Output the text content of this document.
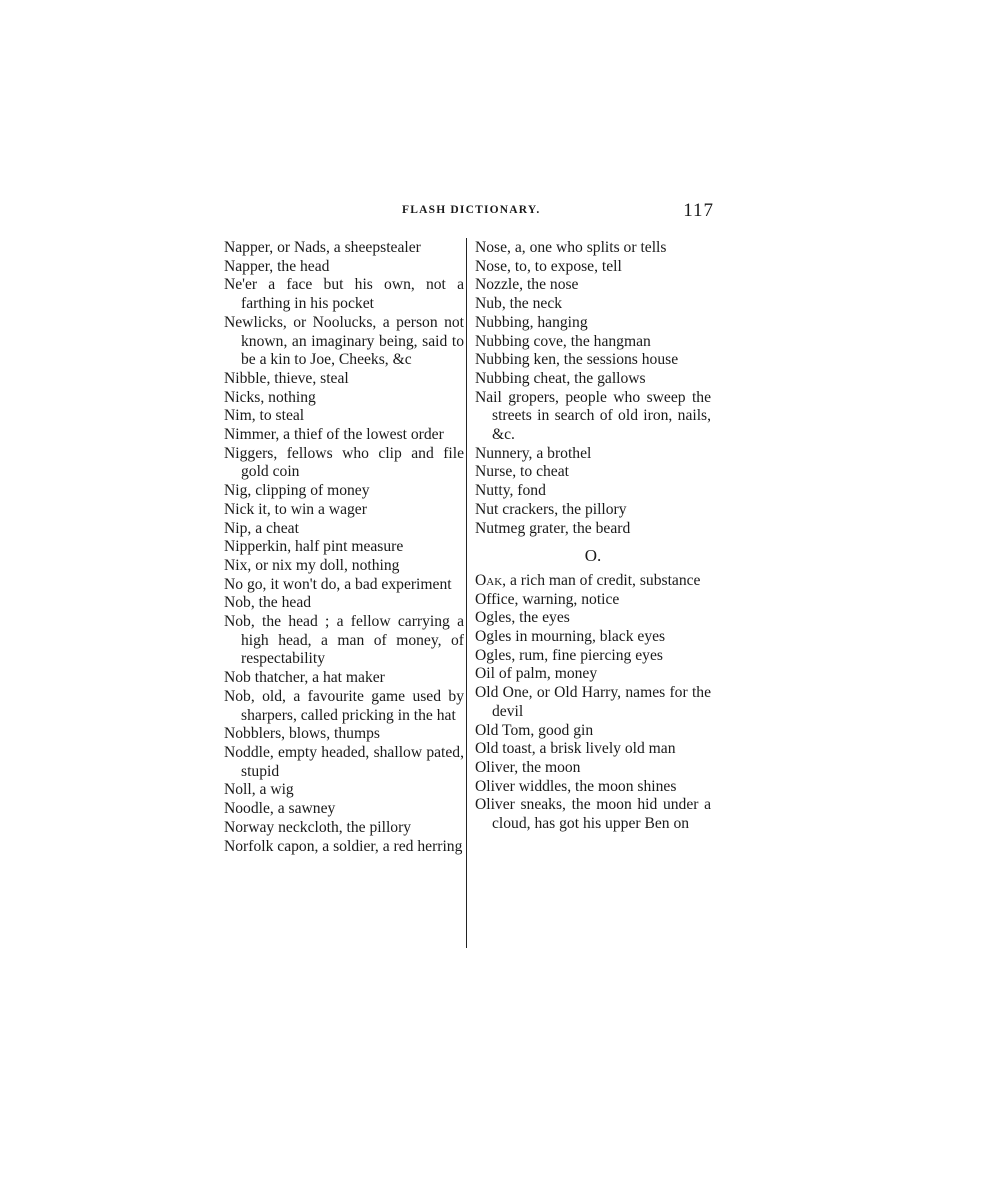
FLASH DICTIONARY.	117
Napper, or Nads, a sheepstealer
Napper, the head
Ne'er a face but his own, not a farthing in his pocket
Newlicks, or Noolucks, a person not known, an imaginary being, said to be a kin to Joe, Cheeks, &c
Nibble, thieve, steal
Nicks, nothing
Nim, to steal
Nimmer, a thief of the lowest order
Niggers, fellows who clip and file gold coin
Nig, clipping of money
Nick it, to win a wager
Nip, a cheat
Nipperkin, half pint measure
Nix, or nix my doll, nothing
No go, it won't do, a bad experiment
Nob, the head
Nob, the head ; a fellow carrying a high head, a man of money, of respectability
Nob thatcher, a hat maker
Nob, old, a favourite game used by sharpers, called pricking in the hat
Nobblers, blows, thumps
Noddle, empty headed, shallow pated, stupid
Noll, a wig
Noodle, a sawney
Norway neckcloth, the pillory
Norfolk capon, a soldier, a red herring
Nose, a, one who splits or tells
Nose, to, to expose, tell
Nozzle, the nose
Nub, the neck
Nubbing, hanging
Nubbing cove, the hangman
Nubbing ken, the sessions house
Nubbing cheat, the gallows
Nail gropers, people who sweep the streets in search of old iron, nails, &c.
Nunnery, a brothel
Nurse, to cheat
Nutty, fond
Nut crackers, the pillory
Nutmeg grater, the beard
O.
Oak, a rich man of credit, substance
Office, warning, notice
Ogles, the eyes
Ogles in mourning, black eyes
Ogles, rum, fine piercing eyes
Oil of palm, money
Old One, or Old Harry, names for the devil
Old Tom, good gin
Old toast, a brisk lively old man
Oliver, the moon
Oliver widdles, the moon shines
Oliver sneaks, the moon hid under a cloud, has got his upper Ben on
